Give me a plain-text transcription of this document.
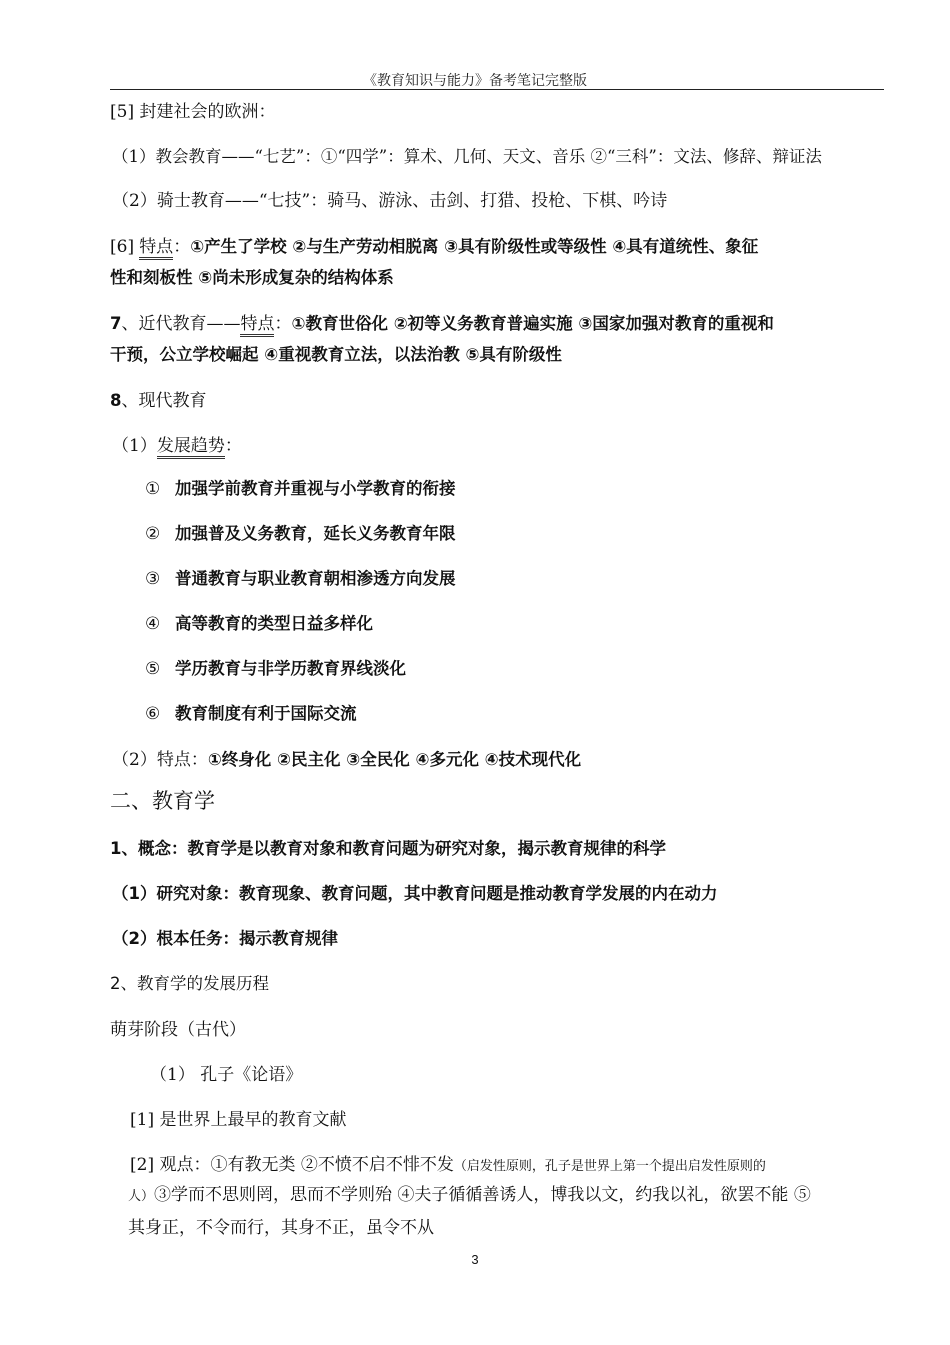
《教育知识与能力》备考笔记完整版
[5] 封建社会的欧洲：
（1）教会教育——“七艺”：①“四学”：算术、几何、天文、音乐 ②“三科”：文法、修辞、辩证法
（2）骑士教育——“七技”：骑马、游泳、击剑、打猎、投枪、下棋、吟诗
[6] 特点：①产生了学校 ②与生产劳动相脱离 ③具有阶级性或等级性 ④具有道统性、象征
性和刻板性 ⑤尚未形成复杂的结构体系
7、近代教育——特点：①教育世俗化 ②初等义务教育普遍实施 ③国家加强对教育的重视和
干预，公立学校崛起 ④重视教育立法，以法治教 ⑤具有阶级性
8、现代教育
（1）发展趋势：
① 加强学前教育并重视与小学教育的衔接
② 加强普及义务教育，延长义务教育年限
③ 普通教育与职业教育朝相渗透方向发展
④ 高等教育的类型日益多样化
⑤ 学历教育与非学历教育界线淡化
⑥ 教育制度有利于国际交流
（2）特点：①终身化 ②民主化 ③全民化 ④多元化 ④技术现代化
二、教育学
1、概念：教育学是以教育对象和教育问题为研究对象，揭示教育规律的科学
（1）研究对象：教育现象、教育问题，其中教育问题是推动教育学发展的内在动力
（2）根本任务：揭示教育规律
2、教育学的发展历程
萌芽阶段（古代）
（1） 孔子《论语》
[1] 是世界上最早的教育文献
[2] 观点：①有教无类 ②不愤不启不悱不发（启发性原则，孔子是世界上第一个提出启发性原则的
人）③学而不思则罔，思而不学则殆 ④夫子循循善诱人，博我以文，约我以礼，欲罢不能 ⑤
其身正，不令而行，其身不正，虽令不从
3
